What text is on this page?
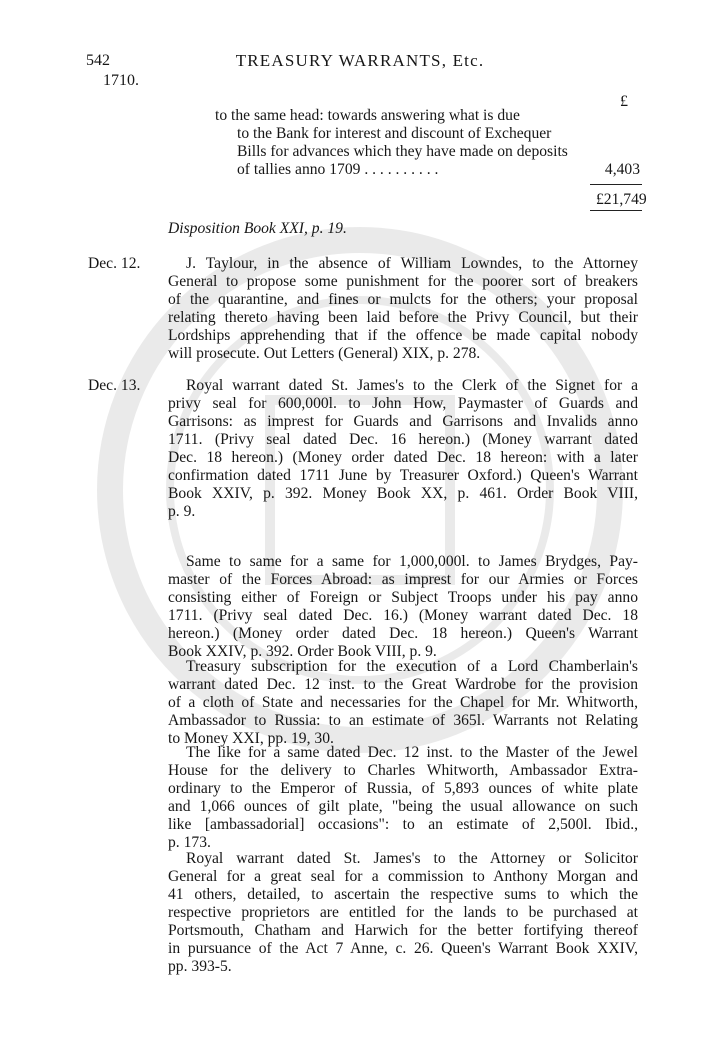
542
1710.
TREASURY WARRANTS, Etc.
£
to the same head: towards answering what is due
to the Bank for interest and discount of Exchequer
Bills for advances which they have made on deposits
of tallies anno 1709 . . . . . . . . . .	4,403
£21,749
Disposition Book XXI, p. 19.
Dec. 12.	J. Taylour, in the absence of William Lowndes, to the Attorney
General to propose some punishment for the poorer sort of breakers
of the quarantine, and fines or mulcts for the others; your proposal
relating thereto having been laid before the Privy Council, but their
Lordships apprehending that if the offence be made capital nobody
will prosecute. Out Letters (General) XIX, p. 278.
Dec. 13.	Royal warrant dated St. James's to the Clerk of the Signet for a
privy seal for 600,000l. to John How, Paymaster of Guards and
Garrisons: as imprest for Guards and Garrisons and Invalids anno
1711. (Privy seal dated Dec. 16 hereon.) (Money warrant dated
Dec. 18 hereon.) (Money order dated Dec. 18 hereon: with a later
confirmation dated 1711 June by Treasurer Oxford.) Queen's Warrant
Book XXIV, p. 392. Money Book XX, p. 461. Order Book VIII,
p. 9.
Same to same for a same for 1,000,000l. to James Brydges, Pay-
master of the Forces Abroad: as imprest for our Armies or Forces
consisting either of Foreign or Subject Troops under his pay anno
1711. (Privy seal dated Dec. 16.) (Money warrant dated Dec. 18
hereon.) (Money order dated Dec. 18 hereon.) Queen's Warrant
Book XXIV, p. 392. Order Book VIII, p. 9.
Treasury subscription for the execution of a Lord Chamberlain's
warrant dated Dec. 12 inst. to the Great Wardrobe for the provision
of a cloth of State and necessaries for the Chapel for Mr. Whitworth,
Ambassador to Russia: to an estimate of 365l. Warrants not Relating
to Money XXI, pp. 19, 30.
The like for a same dated Dec. 12 inst. to the Master of the Jewel
House for the delivery to Charles Whitworth, Ambassador Extra-
ordinary to the Emperor of Russia, of 5,893 ounces of white plate
and 1,066 ounces of gilt plate, "being the usual allowance on such
like [ambassadorial] occasions": to an estimate of 2,500l. Ibid.,
p. 173.
Royal warrant dated St. James's to the Attorney or Solicitor
General for a great seal for a commission to Anthony Morgan and
41 others, detailed, to ascertain the respective sums to which the
respective proprietors are entitled for the lands to be purchased at
Portsmouth, Chatham and Harwich for the better fortifying thereof
in pursuance of the Act 7 Anne, c. 26. Queen's Warrant Book XXIV,
pp. 393-5.
